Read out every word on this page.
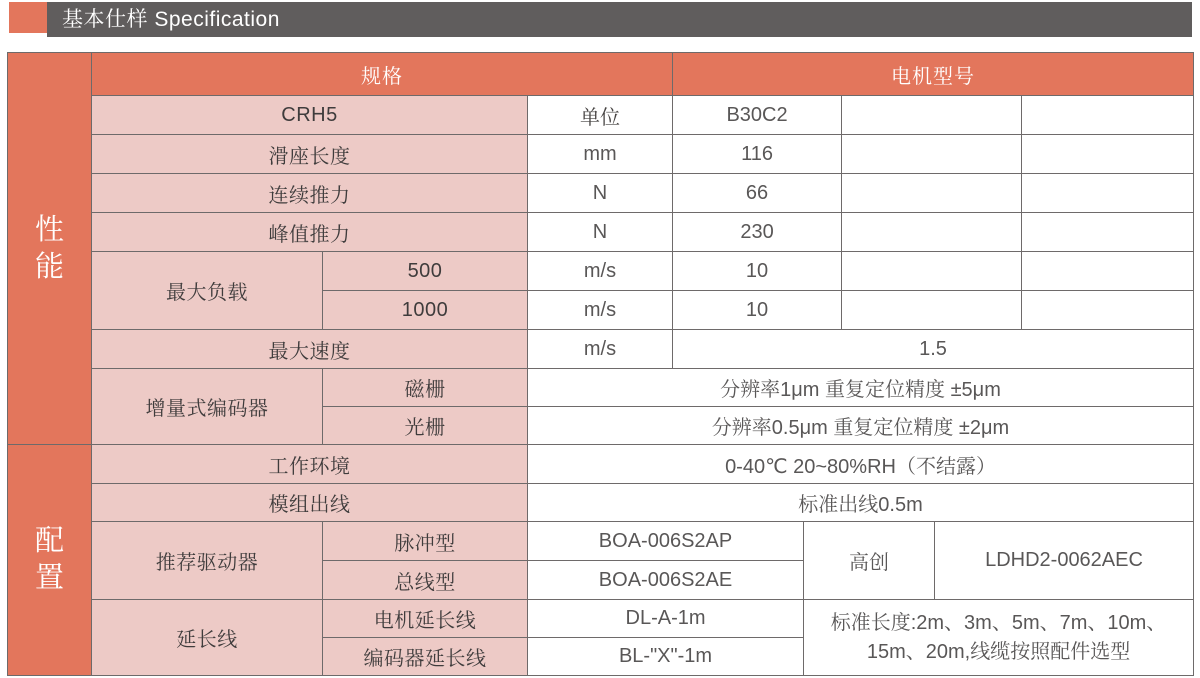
基本仕样 Specification
性
能	规格			电机型号				
	CRH5		单位	B30C2				
	滑座长度		mm	116				
	连续推力		N	66				
	峰值推力		N	230				
	最大负载	500	m/s	10				
		1000	m/s	10				
	最大速度		m/s	1.5				
	增量式编码器	磁栅	分辨率1μm 重复定位精度 ±5μm					
		光栅	分辨率0.5μm 重复定位精度 ±2μm					

配
置	工作环境		0-40℃ 20~80%RH（不结露）					
	模组出线		标准出线0.5m					
	推荐驱动器	脉冲型	BOA-006S2AP		高创		LDHD2-0062AEC	
		总线型	BOA-006S2AE					
	延长线	电机延长线	DL-A-1m		标准长度:2m、3m、5m、7m、10m、15m、20m,线缆按照配件选型			
		编码器延长线	BL-"X"-1m					
